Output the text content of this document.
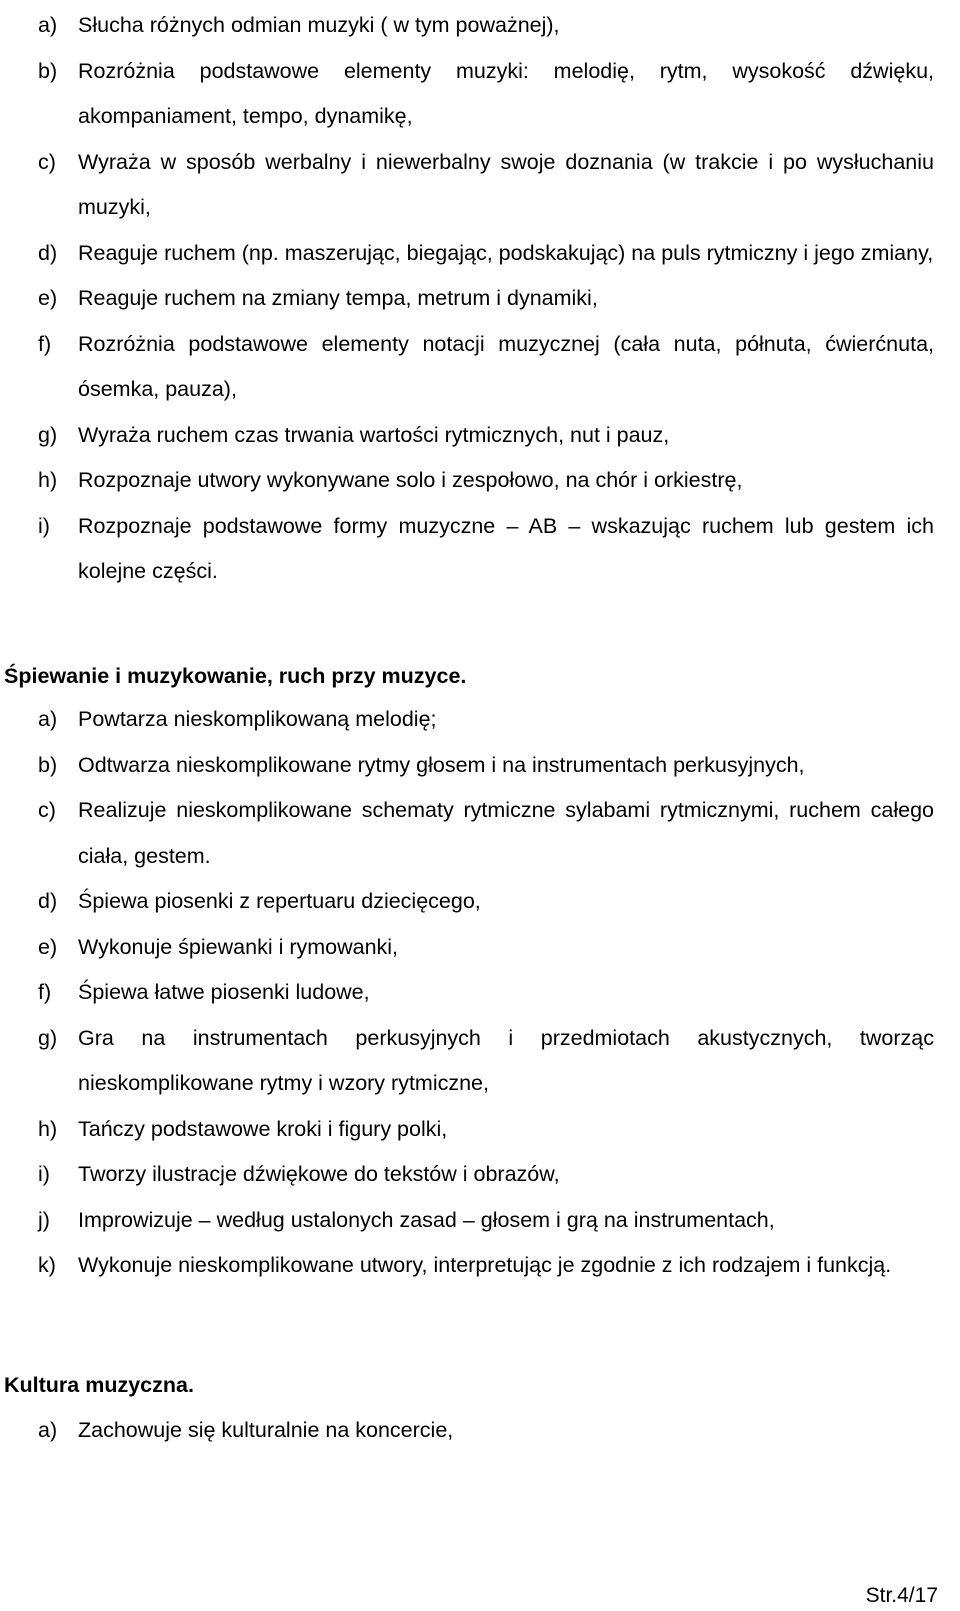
a) Słucha różnych odmian muzyki ( w tym poważnej),
b) Rozróżnia podstawowe elementy muzyki: melodię, rytm, wysokość dźwięku, akompaniament, tempo, dynamikę,
c)	Wyraża w sposób werbalny i niewerbalny swoje doznania (w trakcie i po wysłuchaniu muzyki,
d) Reaguje ruchem (np. maszerując, biegając, podskakując) na puls rytmiczny i jego zmiany,
e) Reaguje ruchem na zmiany tempa, metrum i dynamiki,
f)	Rozróżnia podstawowe elementy notacji muzycznej (cała nuta, półnuta, ćwierćnuta, ósemka, pauza),
g) Wyraża ruchem czas trwania wartości rytmicznych, nut i pauz,
h) Rozpoznaje utwory wykonywane solo i zespołowo, na chór i orkiestrę,
i)	Rozpoznaje podstawowe formy muzyczne – AB – wskazując ruchem lub gestem ich kolejne części.
Śpiewanie i muzykowanie, ruch przy muzyce.
a) Powtarza nieskomplikowaną melodię;
b) Odtwarza nieskomplikowane rytmy głosem i na instrumentach perkusyjnych,
c)	Realizuje nieskomplikowane schematy rytmiczne sylabami rytmicznymi, ruchem całego ciała, gestem.
d) Śpiewa piosenki z repertuaru dziecięcego,
e) Wykonuje śpiewanki i rymowanki,
f)	Śpiewa łatwe piosenki ludowe,
g) Gra na instrumentach perkusyjnych i przedmiotach akustycznych, tworząc nieskomplikowane rytmy i wzory rytmiczne,
h) Tańczy podstawowe kroki i figury polki,
i)	Tworzy ilustracje dźwiękowe do tekstów i obrazów,
j)	Improwizuje – według ustalonych zasad – głosem i grą na instrumentach,
k)	Wykonuje nieskomplikowane utwory, interpretując je zgodnie z ich rodzajem i funkcją.
Kultura muzyczna.
a) Zachowuje się kulturalnie na koncercie,
Str.4/17
